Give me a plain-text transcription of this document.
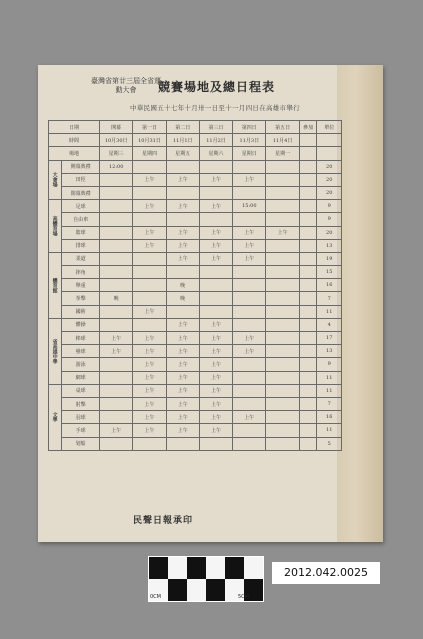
臺灣省第廿三屆全省運動大會	競賽場地及總日程表
中華民國五十七年十月卅一日至十一月四日在高雄市舉行
日期		開幕	第一日	第二日	第三日	第四日	第五日	參加	單位
時間		10月30日	10月31日	11月1日	11月2日	11月3日	11月4日		
場地		星期三	星期四	星期五	星期六	星期日	星期一		
大會場	開幕典禮	12:00							20
	田徑		上午	上午	上午	上午			20
	閉幕典禮								20
高體育場	足球		上午	上午	上午	15:00			9
	自由車								9
	籃球		上午	上午	上午	上午	上午		20
	排球		上午	上午	上午	上午			13
體育館	柔道			上午	上午	上午			19
	摔角								15
	舉重			晚					16
	拳擊	晚		晚					7
	國術		上午						11
省高雄中學	體操			上午	上午				4
	棒球	上午	上午	上午	上午	上午			17
	壘球	上午	上午	上午	上午	上午			13
	游泳		上午	上午	上午				9
	網球		上午	上午	上午				11
文學	桌球		上午	上午	上午				11
	射擊		上午	上午	上午				7
	羽球		上午	上午	上午	上午			16
	手球	上午	上午	上午	上午				11
	划船								5
民聲日報承印
0CM	5CM
2012.042.0025
